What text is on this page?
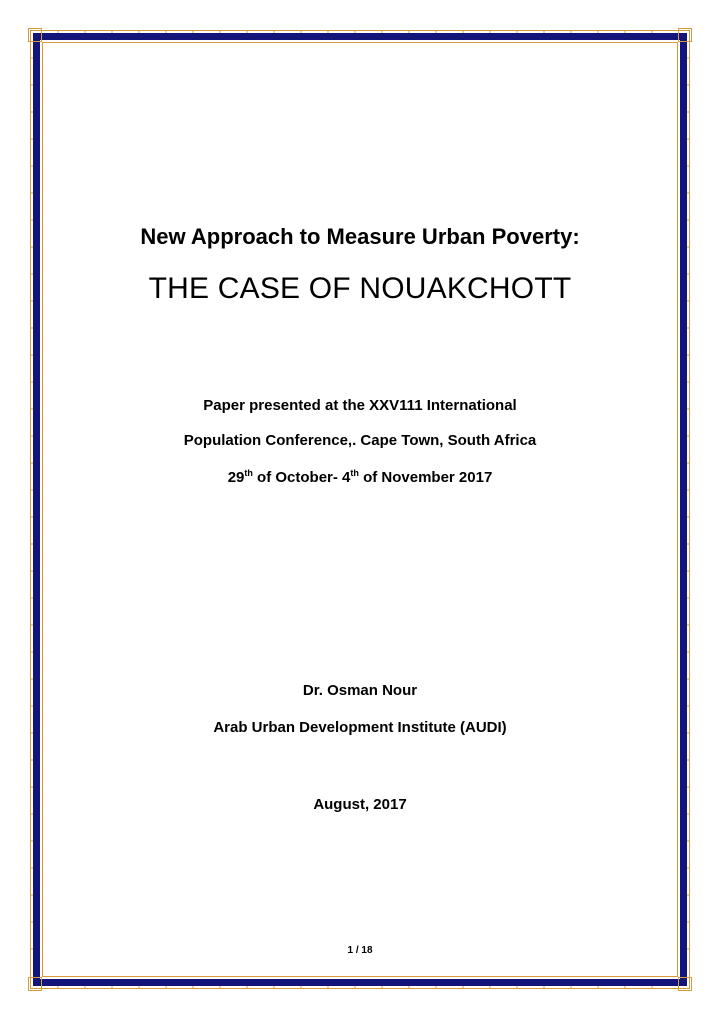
New Approach to Measure Urban Poverty:
THE CASE OF NOUAKCHOTT
Paper presented at the XXV111 International
Population Conference,. Cape Town, South Africa
29th of October- 4th of November 2017
Dr. Osman Nour
Arab Urban Development Institute (AUDI)
August, 2017
1 / 18
